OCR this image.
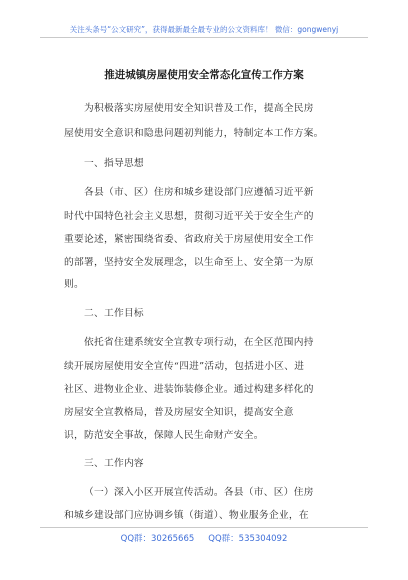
关注头条号“公文研究”，获得最新最全最专业的公文资料库！ 微信：gongwenyj
推进城镇房屋使用安全常态化宣传工作方案
为积极落实房屋使用安全知识普及工作，提高全民房
屋使用安全意识和隐患问题初判能力，特制定本工作方案。
一、指导思想
各县（市、区）住房和城乡建设部门应遵循习近平新
时代中国特色社会主义思想，贯彻习近平关于安全生产的
重要论述，紧密围绕省委、省政府关于房屋使用安全工作
的部署，坚持安全发展理念，以生命至上、安全第一为原
则。
二、工作目标
依托省住建系统安全宣教专项行动，在全区范围内持
续开展房屋使用安全宣传“四进”活动，包括进小区、进
社区、进物业企业、进装饰装修企业。通过构建多样化的
房屋安全宣教格局，普及房屋安全知识，提高安全意
识，防范安全事故，保障人民生命财产安全。
三、工作内容
（一）深入小区开展宣传活动。各县（市、区）住房
和城乡建设部门应协调乡镇（街道）、物业服务企业，在
QQ群：30265665 QQ群：535304092
